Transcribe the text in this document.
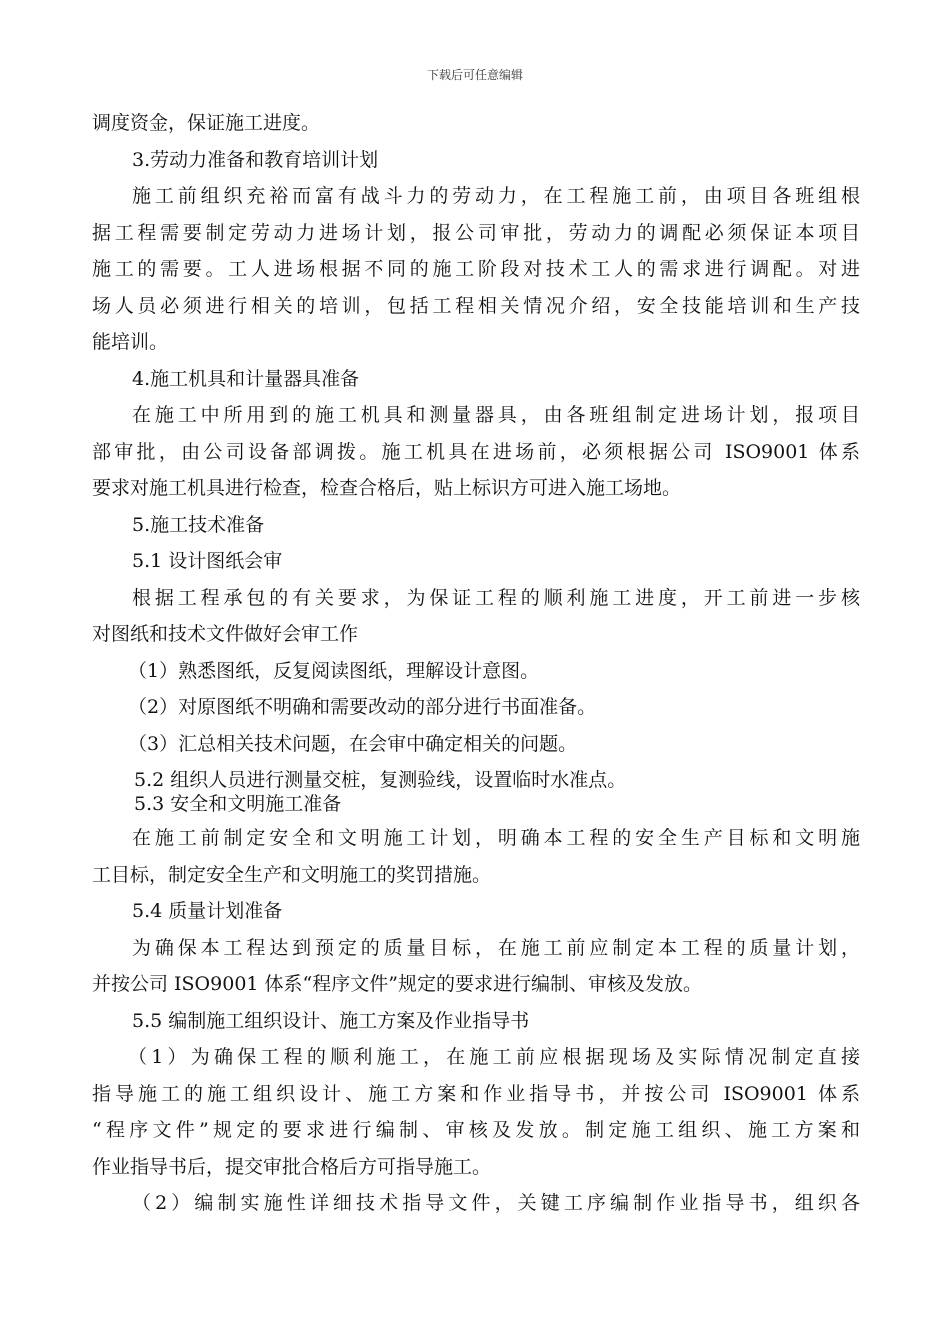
下载后可任意编辑
调度资金，保证施工进度。
3.劳动力准备和教育培训计划
施工前组织充裕而富有战斗力的劳动力，在工程施工前，由项目各班组根
据工程需要制定劳动力进场计划，报公司审批，劳动力的调配必须保证本项目
施工的需要。工人进场根据不同的施工阶段对技术工人的需求进行调配。对进
场人员必须进行相关的培训，包括工程相关情况介绍，安全技能培训和生产技
能培训。
4.施工机具和计量器具准备
在施工中所用到的施工机具和测量器具，由各班组制定进场计划，报项目
部审批，由公司设备部调拨。施工机具在进场前，必须根据公司 ISO9001 体系
要求对施工机具进行检查，检查合格后，贴上标识方可进入施工场地。
5.施工技术准备
5.1 设计图纸会审
根据工程承包的有关要求，为保证工程的顺利施工进度，开工前进一步核
对图纸和技术文件做好会审工作
（1）熟悉图纸，反复阅读图纸，理解设计意图。
（2）对原图纸不明确和需要改动的部分进行书面准备。
（3）汇总相关技术问题，在会审中确定相关的问题。
5.2 组织人员进行测量交桩，复测验线，设置临时水准点。
5.3 安全和文明施工准备
在施工前制定安全和文明施工计划，明确本工程的安全生产目标和文明施
工目标，制定安全生产和文明施工的奖罚措施。
5.4 质量计划准备
为确保本工程达到预定的质量目标，在施工前应制定本工程的质量计划，
并按公司 ISO9001 体系“程序文件”规定的要求进行编制、审核及发放。
5.5 编制施工组织设计、施工方案及作业指导书
（1）为确保工程的顺利施工，在施工前应根据现场及实际情况制定直接
指导施工的施工组织设计、施工方案和作业指导书，并按公司 ISO9001 体系
“程序文件”规定的要求进行编制、审核及发放。制定施工组织、施工方案和
作业指导书后，提交审批合格后方可指导施工。
（2）编制实施性详细技术指导文件，关键工序编制作业指导书，组织各
